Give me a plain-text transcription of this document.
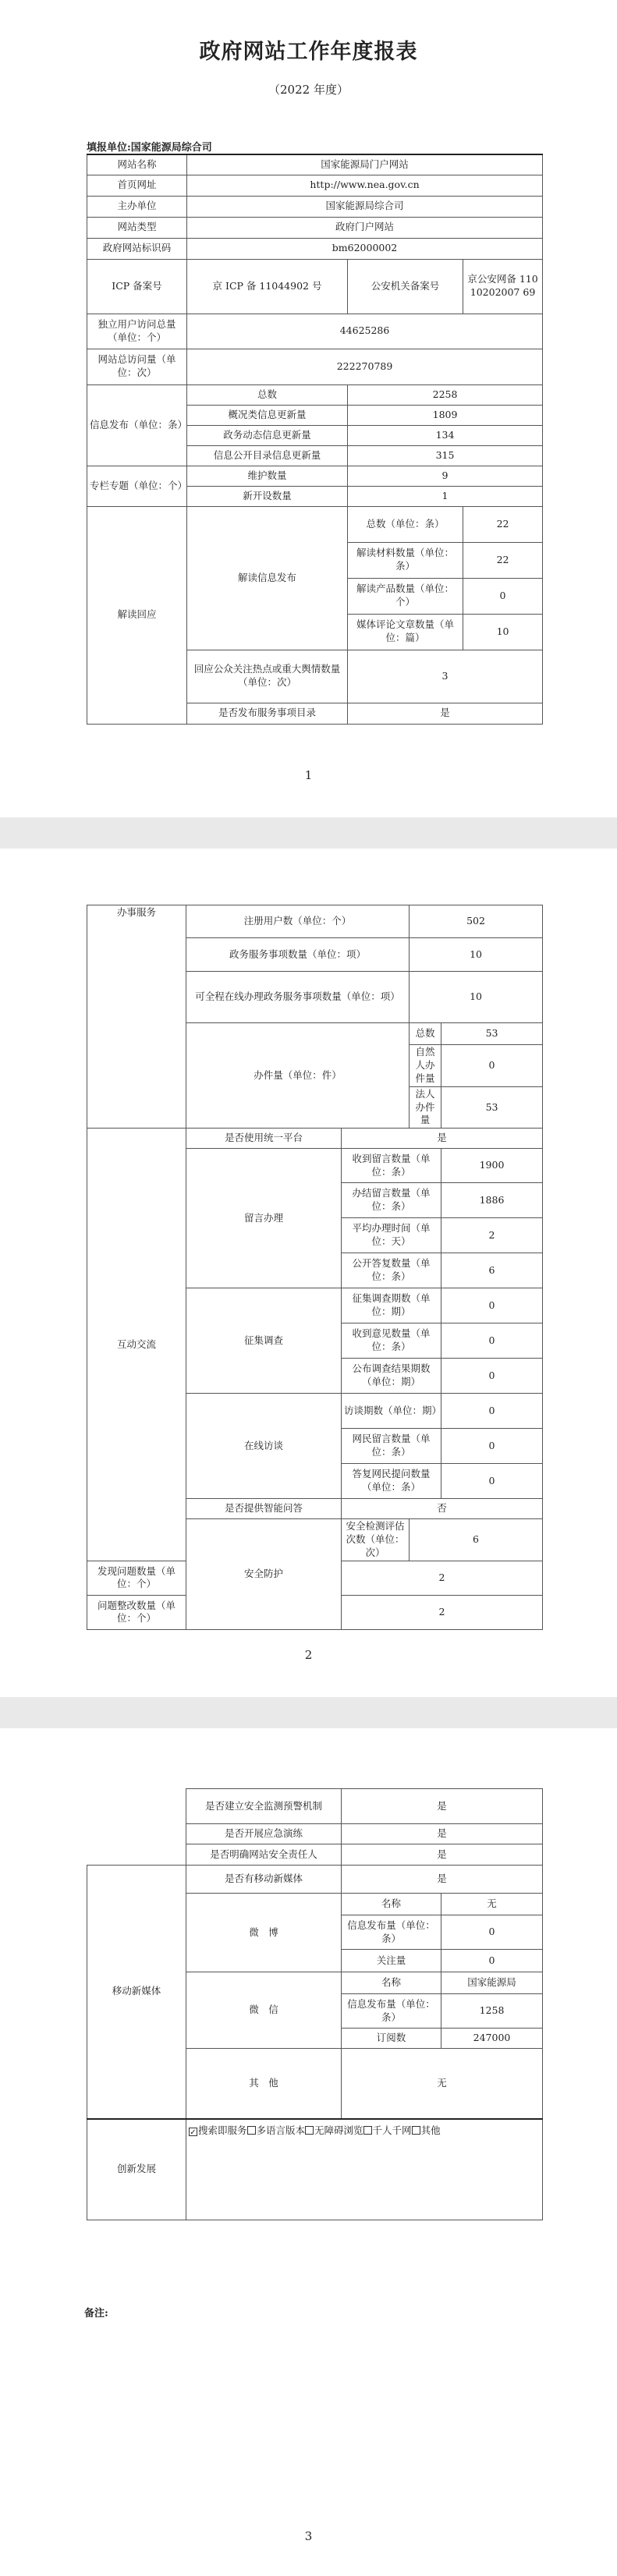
政府网站工作年度报表
（2022 年度）
填报单位:国家能源局综合司
网站名称	国家能源局门户网站		
首页网址	http://www.nea.gov.cn		
主办单位	国家能源局综合司		
网站类型	政府门户网站		
政府网站标识码	bm62000002		
ICP 备案号	京 ICP 备 11044902 号	公安机关备案号	京公安网备 11010202007 69
独立用户访问总量（单位：个）	44625286		
网站总访问量（单位：次）	222270789		
信息发布（单位：条）	总数	2258	
	概况类信息更新量	1809	
	政务动态信息更新量	134	
	信息公开目录信息更新量	315	
专栏专题（单位：个）	维护数量	9	
	新开设数量	1	
解读回应	解读信息发布	总数（单位：条）	22
		解读材料数量（单位：条）	22
		解读产品数量（单位：个）	0
		媒体评论文章数量（单位：篇）	10
	回应公众关注热点或重大舆情数量（单位：次）	3	
	是否发布服务事项目录	是	
1
办事服务	注册用户数（单位：个）		502	
	政务服务事项数量（单位：项）		10	
	可全程在线办理政务服务事项数量（单位：项）		10	
	办件量（单位：件）		总数	53
			自然人办件量	0
			法人办件量	53
互动交流	是否使用统一平台	是		
	留言办理	收到留言数量（单位：条）		1900
		办结留言数量（单位：条）		1886
		平均办理时间（单位：天）		2
		公开答复数量（单位：条）		6
	征集调查	征集调查期数（单位：期）		0
		收到意见数量（单位：条）		0
		公布调查结果期数（单位：期）		0
	在线访谈	访谈期数（单位：期）		0
		网民留言数量（单位：条）		0
		答复网民提问数量（单位：条）		0
	是否提供智能问答	否		
	安全防护	安全检测评估次数（单位：次）	6	
发现问题数量（单位：个）		2		
问题整改数量（单位：个）		2		
2
	是否建立安全监测预警机制	是	
	是否开展应急演练	是	
	是否明确网站安全责任人	是	
移动新媒体	是否有移动新媒体	是	
	微　博	名称	无
		信息发布量（单位：条）	0
		关注量	0
	微　信	名称	国家能源局
		信息发布量（单位：条）	1258
		订阅数	247000
	其　他	无	
创新发展	✓ 搜索即服务 多语言版本 无障碍浏览 千人千网 其他		
备注:
3
